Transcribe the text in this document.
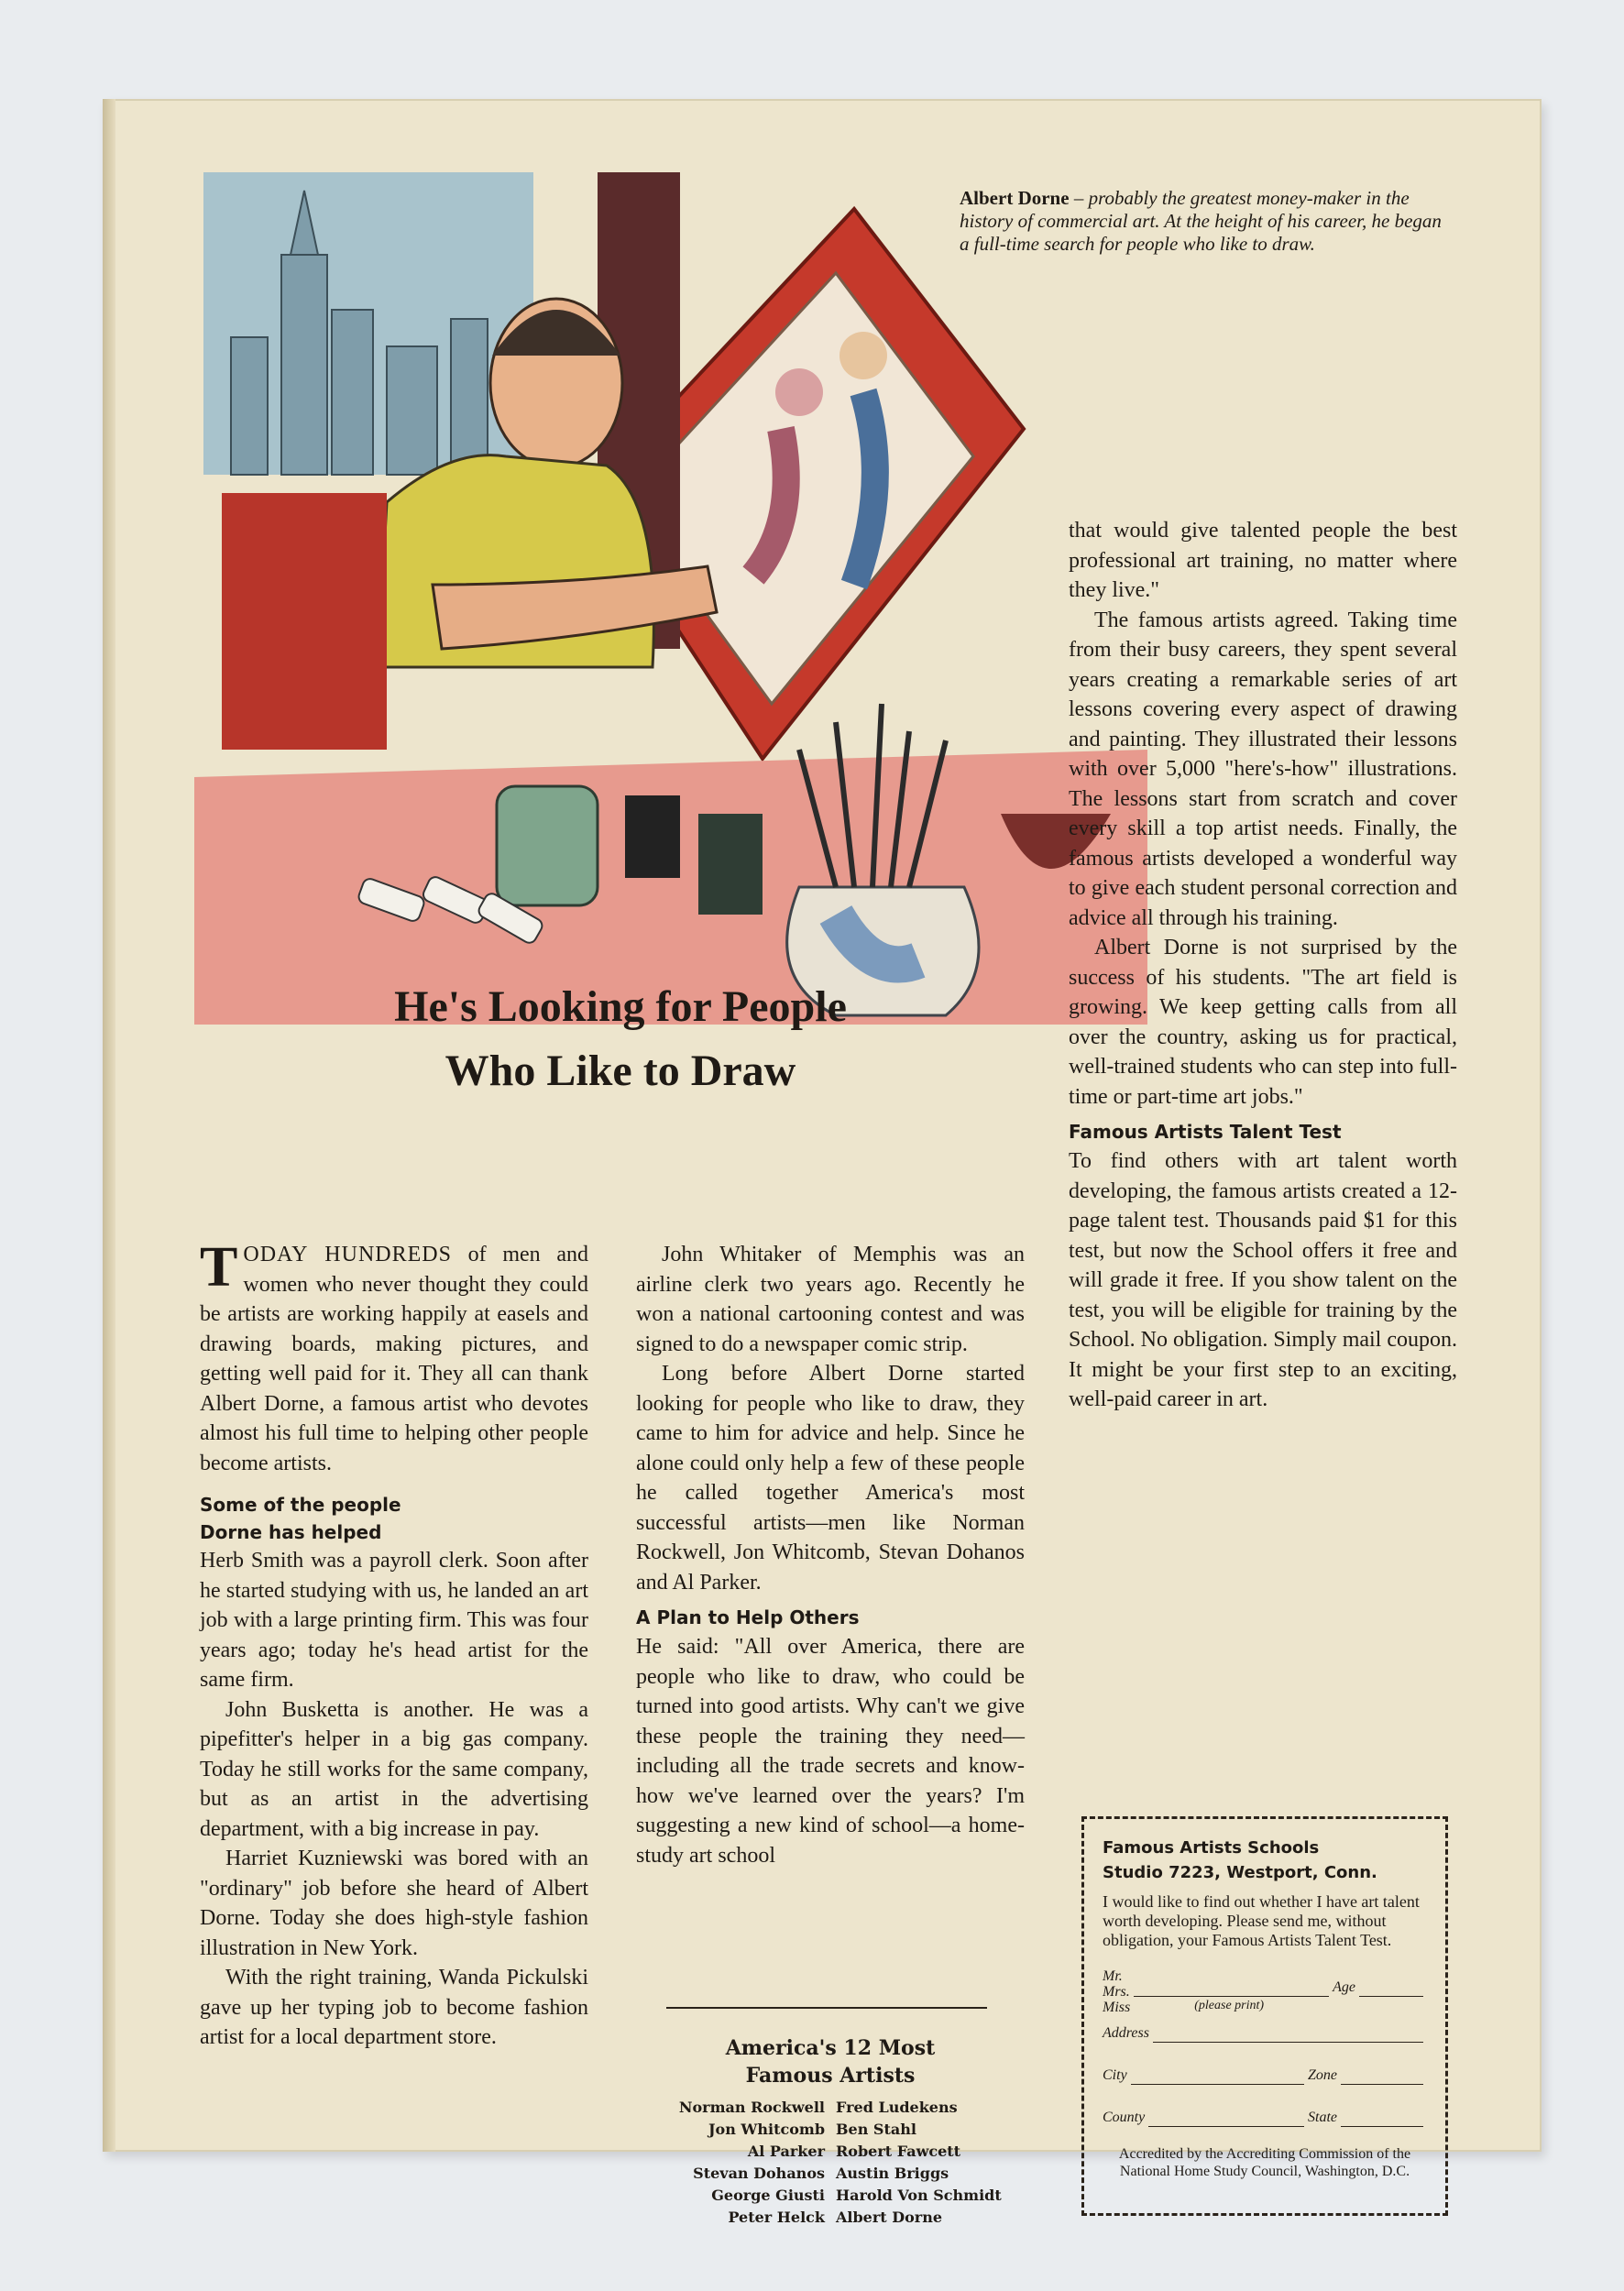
Albert Dorne – probably the greatest money-maker in the history of commercial art. At the height of his career, he began a full-time search for people who like to draw.
He's Looking for People
Who Like to Draw

TODAY HUNDREDS of men and women who never thought they could be artists are working happily at easels and drawing boards, making pictures, and getting well paid for it. They all can thank Albert Dorne, a famous artist who devotes almost his full time to helping other people become artists.

Some of the people
Dorne has helped

Herb Smith was a payroll clerk. Soon after he started studying with us, he landed an art job with a large printing firm. This was four years ago; today he's head artist for the same firm.

John Busketta is another. He was a pipefitter's helper in a big gas company. Today he still works for the same company, but as an artist in the advertising department, with a big increase in pay.

Harriet Kuzniewski was bored with an "ordinary" job before she heard of Albert Dorne. Today she does high-style fashion illustration in New York.

With the right training, Wanda Pickulski gave up her typing job to become fashion artist for a local department store.

John Whitaker of Memphis was an airline clerk two years ago. Recently he won a national cartooning contest and was signed to do a newspaper comic strip.

Long before Albert Dorne started looking for people who like to draw, they came to him for advice and help. Since he alone could only help a few of these people he called together America's most successful artists—men like Norman Rockwell, Jon Whitcomb, Stevan Dohanos and Al Parker.

A Plan to Help Others

He said: "All over America, there are people who like to draw, who could be turned into good artists. Why can't we give these people the training they need—including all the trade secrets and know-how we've learned over the years? I'm suggesting a new kind of school—a home-study art school

America's 12 Most
Famous Artists
Norman Rockwell Fred Ludekens
Jon Whitcomb Ben Stahl
Al Parker Robert Fawcett
Stevan Dohanos Austin Briggs
George Giusti Harold Von Schmidt
Peter Helck Albert Dorne

that would give talented people the best professional art training, no matter where they live."

The famous artists agreed. Taking time from their busy careers, they spent several years creating a remarkable series of art lessons covering every aspect of drawing and painting. They illustrated their lessons with over 5,000 "here's-how" illustrations. The lessons start from scratch and cover every skill a top artist needs. Finally, the famous artists developed a wonderful way to give each student personal correction and advice all through his training.

Albert Dorne is not surprised by the success of his students. "The art field is growing. We keep getting calls from all over the country, asking us for practical, well-trained students who can step into full-time or part-time art jobs."

Famous Artists Talent Test

To find others with art talent worth developing, the famous artists created a 12-page talent test. Thousands paid $1 for this test, but now the School offers it free and will grade it free. If you show talent on the test, you will be eligible for training by the School. No obligation. Simply mail coupon. It might be your first step to an exciting, well-paid career in art.

Famous Artists Schools
Studio 7223, Westport, Conn.
I would like to find out whether I have art talent worth developing. Please send me, without obligation, your Famous Artists Talent Test.
Mr.
Mrs.
Miss
Age
(please print)
Address
City	Zone
County	State
Accredited by the Accrediting Commission of the National Home Study Council, Washington, D.C.
